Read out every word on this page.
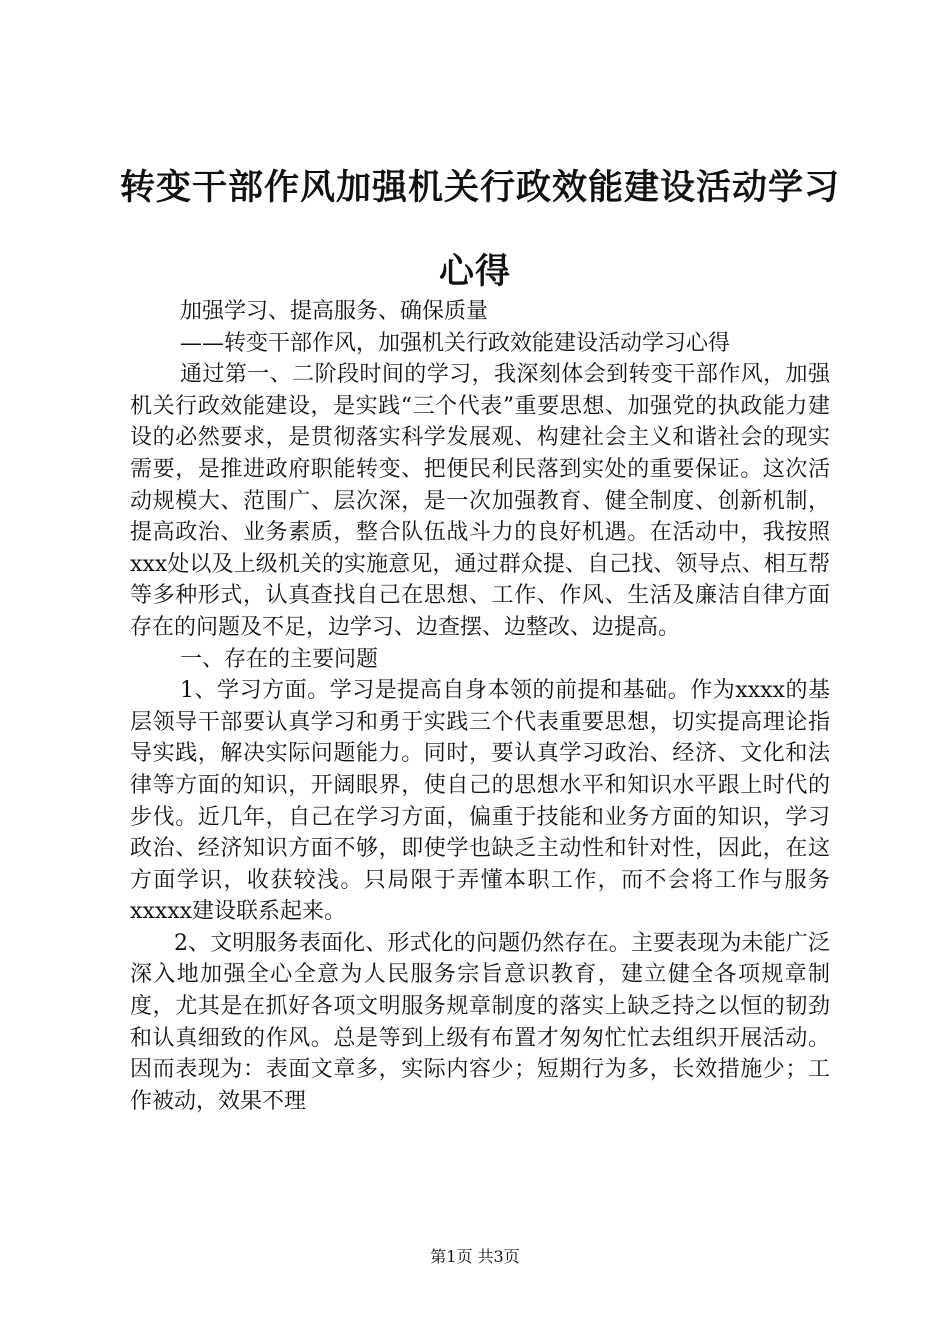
转变干部作风加强机关行政效能建设活动学习
心得

加强学习、提高服务、确保质量

——转变干部作风，加强机关行政效能建设活动学习心得

通过第一、二阶段时间的学习，我深刻体会到转变干部作风，加强机关行政效能建设，是实践“三个代表”重要思想、加强党的执政能力建设的必然要求，是贯彻落实科学发展观、构建社会主义和谐社会的现实需要，是推进政府职能转变、把便民利民落到实处的重要保证。这次活动规模大、范围广、层次深，是一次加强教育、健全制度、创新机制，提高政治、业务素质，整合队伍战斗力的良好机遇。在活动中，我按照xxx处以及上级机关的实施意见，通过群众提、自己找、领导点、相互帮等多种形式，认真查找自己在思想、工作、作风、生活及廉洁自律方面存在的问题及不足，边学习、边查摆、边整改、边提高。

一、存在的主要问题

1、学习方面。学习是提高自身本领的前提和基础。作为xxxx的基层领导干部要认真学习和勇于实践三个代表重要思想，切实提高理论指导实践，解决实际问题能力。同时，要认真学习政治、经济、文化和法律等方面的知识，开阔眼界，使自己的思想水平和知识水平跟上时代的步伐。近几年，自己在学习方面，偏重于技能和业务方面的知识，学习政治、经济知识方面不够，即使学也缺乏主动性和针对性，因此，在这方面学识，收获较浅。只局限于弄懂本职工作，而不会将工作与服务xxxxx建设联系起来。

2、文明服务表面化、形式化的问题仍然存在。主要表现为未能广泛深入地加强全心全意为人民服务宗旨意识教育，建立健全各项规章制度，尤其是在抓好各项文明服务规章制度的落实上缺乏持之以恒的韧劲和认真细致的作风。总是等到上级有布置才匆匆忙忙去组织开展活动。因而表现为：表面文章多，实际内容少；短期行为多，长效措施少；工作被动，效果不理

第1页 共3页
